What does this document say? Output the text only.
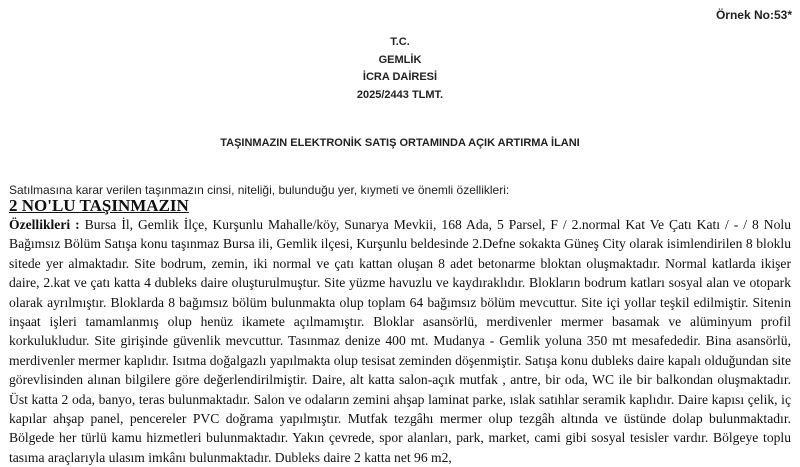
Örnek No:53*
T.C.
GEMLİK
İCRA DAİRESİ
2025/2443 TLMT.
TAŞINMAZIN ELEKTRONİK SATIŞ ORTAMINDA AÇIK ARTIRMA İLANI
Satılmasına karar verilen taşınmazın cinsi, niteliği, bulunduğu yer, kıymeti ve önemli özellikleri:
2 NO'LU TAŞINMAZIN

Özellikleri : Bursa İl, Gemlik İlçe, Kurşunlu Mahalle/köy, Sunarya Mevkii, 168 Ada, 5 Parsel, F / 2.normal Kat Ve Çatı Katı / - / 8 Nolu Bağımsız Bölüm Satışa konu taşınmaz Bursa ili, Gemlik ilçesi, Kurşunlu beldesinde 2.Defne sokakta Güneş City olarak isimlendirilen 8 bloklu sitede yer almaktadır. Site bodrum, zemin, iki normal ve çatı kattan oluşan 8 adet betonarme bloktan oluşmaktadır. Normal katlarda ikişer daire, 2.kat ve çatı katta 4 dubleks daire oluşturulmuştur. Site yüzme havuzlu ve kaydıraklıdır. Blokların bodrum katları sosyal alan ve otopark olarak ayrılmıştır. Bloklarda 8 bağımsız bölüm bulunmakta olup toplam 64 bağımsız bölüm mevcuttur. Site içi yollar teşkil edilmiştir. Sitenin inşaat işleri tamamlanmış olup henüz ikamete açılmamıştır. Bloklar asansörlü, merdivenler mermer basamak ve alüminyum profil korkulukludur. Site girişinde güvenlik mevcuttur. Tasınmaz denize 400 mt. Mudanya - Gemlik yoluna 350 mt mesafededir. Bina asansörlü, merdivenler mermer kaplıdır. Isıtma doğalgazlı yapılmakta olup tesisat zeminden döşenmiştir. Satışa konu dubleks daire kapalı olduğundan site görevlisinden alınan bilgilere göre değerlendirilmiştir. Daire, alt katta salon-açık mutfak , antre, bir oda, WC ile bir balkondan oluşmaktadır. Üst katta 2 oda, banyo, teras bulunmaktadır. Salon ve odaların zemini ahşap laminat parke, ıslak satıhlar seramik kaplıdır. Daire kapısı çelik, iç kapılar ahşap panel, pencereler PVC doğrama yapılmıştır. Mutfak tezgâhı mermer olup tezgâh altında ve üstünde dolap bulunmaktadır. Bölgede her türlü kamu hizmetleri bulunmaktadır. Yakın çevrede, spor alanları, park, market, cami gibi sosyal tesisler vardır. Bölgeye toplu tasıma araçlarıyla ulasım imkânı bulunmaktadır. Dubleks daire 2 katta net 96 m2,
